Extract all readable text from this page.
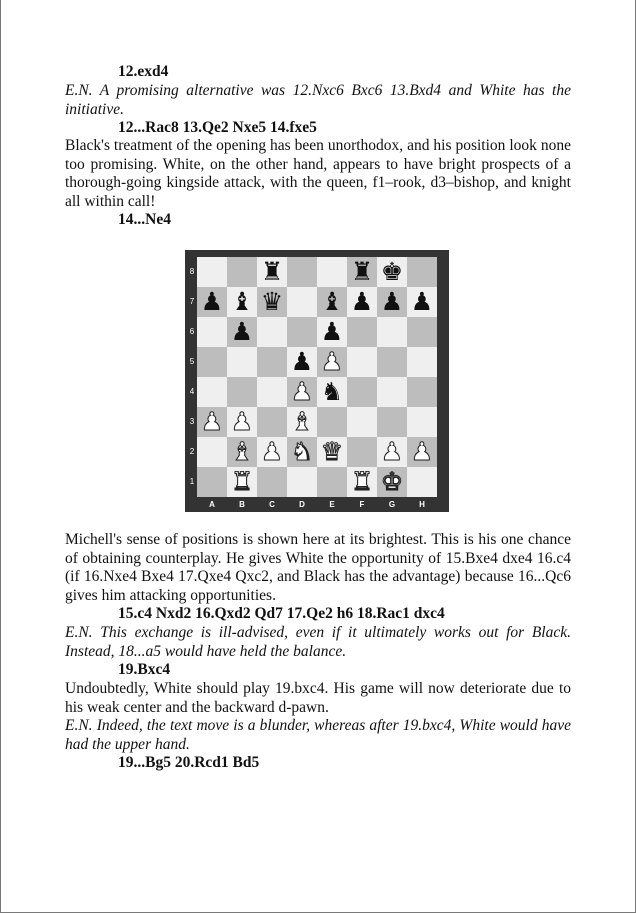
12.exd4
E.N. A promising alternative was 12.Nxc6 Bxc6 13.Bxd4 and White has the initiative.
12...Rac8 13.Qe2 Nxe5 14.fxe5
Black's treatment of the opening has been unorthodox, and his position look none too promising. White, on the other hand, appears to have bright prospects of a thorough-going kingside attack, with the queen, f1–rook, d3–bishop, and knight all within call!
14...Ne4
♜	♜ ♚
♟ ♝ ♛ ♝ ♟ ♟ ♟
♟	♟
♟ ♟
♟ ♞
♟ ♟ ♝
♝ ♟ ♞ ♛ ♟ ♟
♜	♜ ♚
8
7
6
5
4
3
2
1
A	B	C	D	E	F	G	H
Michell's sense of positions is shown here at its brightest. This is his one chance of obtaining counterplay. He gives White the opportunity of 15.Bxe4 dxe4 16.c4 (if 16.Nxe4 Bxe4 17.Qxe4 Qxc2, and Black has the advantage) because 16...Qc6 gives him attacking opportunities.
15.c4 Nxd2 16.Qxd2 Qd7 17.Qe2 h6 18.Rac1 dxc4
E.N. This exchange is ill-advised, even if it ultimately works out for Black. Instead, 18...a5 would have held the balance.
19.Bxc4
Undoubtedly, White should play 19.bxc4. His game will now deteriorate due to his weak center and the backward d-pawn.
E.N. Indeed, the text move is a blunder, whereas after 19.bxc4, White would have had the upper hand.
19...Bg5 20.Rcd1 Bd5
